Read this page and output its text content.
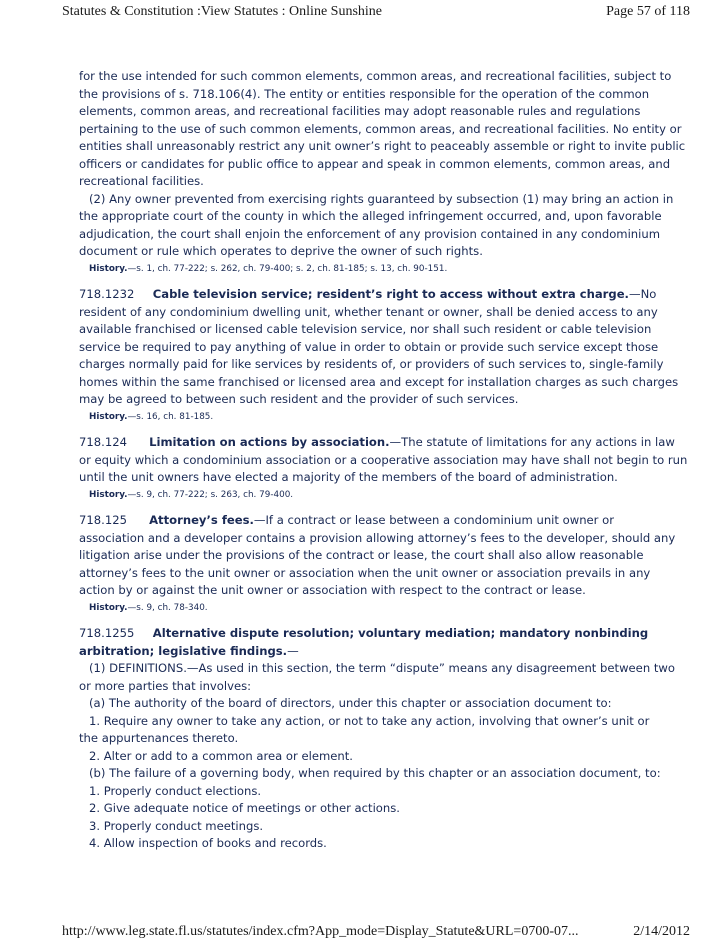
Statutes & Constitution :View Statutes : Online Sunshine	Page 57 of 118
for the use intended for such common elements, common areas, and recreational facilities, subject to
the provisions of s. 718.106(4). The entity or entities responsible for the operation of the common
elements, common areas, and recreational facilities may adopt reasonable rules and regulations
pertaining to the use of such common elements, common areas, and recreational facilities. No entity or
entities shall unreasonably restrict any unit owner’s right to peaceably assemble or right to invite public
officers or candidates for public office to appear and speak in common elements, common areas, and
recreational facilities.
(2) Any owner prevented from exercising rights guaranteed by subsection (1) may bring an action in
the appropriate court of the county in which the alleged infringement occurred, and, upon favorable
adjudication, the court shall enjoin the enforcement of any provision contained in any condominium
document or rule which operates to deprive the owner of such rights.
History.—s. 1, ch. 77-222; s. 262, ch. 79-400; s. 2, ch. 81-185; s. 13, ch. 90-151.
718.1232 Cable television service; resident’s right to access without extra charge.—No
resident of any condominium dwelling unit, whether tenant or owner, shall be denied access to any
available franchised or licensed cable television service, nor shall such resident or cable television
service be required to pay anything of value in order to obtain or provide such service except those
charges normally paid for like services by residents of, or providers of such services to, single-family
homes within the same franchised or licensed area and except for installation charges as such charges
may be agreed to between such resident and the provider of such services.
History.—s. 16, ch. 81-185.
718.124 Limitation on actions by association.—The statute of limitations for any actions in law
or equity which a condominium association or a cooperative association may have shall not begin to run
until the unit owners have elected a majority of the members of the board of administration.
History.—s. 9, ch. 77-222; s. 263, ch. 79-400.
718.125 Attorney’s fees.—If a contract or lease between a condominium unit owner or
association and a developer contains a provision allowing attorney’s fees to the developer, should any
litigation arise under the provisions of the contract or lease, the court shall also allow reasonable
attorney’s fees to the unit owner or association when the unit owner or association prevails in any
action by or against the unit owner or association with respect to the contract or lease.
History.—s. 9, ch. 78-340.
718.1255 Alternative dispute resolution; voluntary mediation; mandatory nonbinding
arbitration; legislative findings.—
(1) DEFINITIONS.—As used in this section, the term “dispute” means any disagreement between two
or more parties that involves:
(a) The authority of the board of directors, under this chapter or association document to:
1. Require any owner to take any action, or not to take any action, involving that owner’s unit or
the appurtenances thereto.
2. Alter or add to a common area or element.
(b) The failure of a governing body, when required by this chapter or an association document, to:
1. Properly conduct elections.
2. Give adequate notice of meetings or other actions.
3. Properly conduct meetings.
4. Allow inspection of books and records.
http://www.leg.state.fl.us/statutes/index.cfm?App_mode=Display_Statute&URL=0700-07...	2/14/2012
